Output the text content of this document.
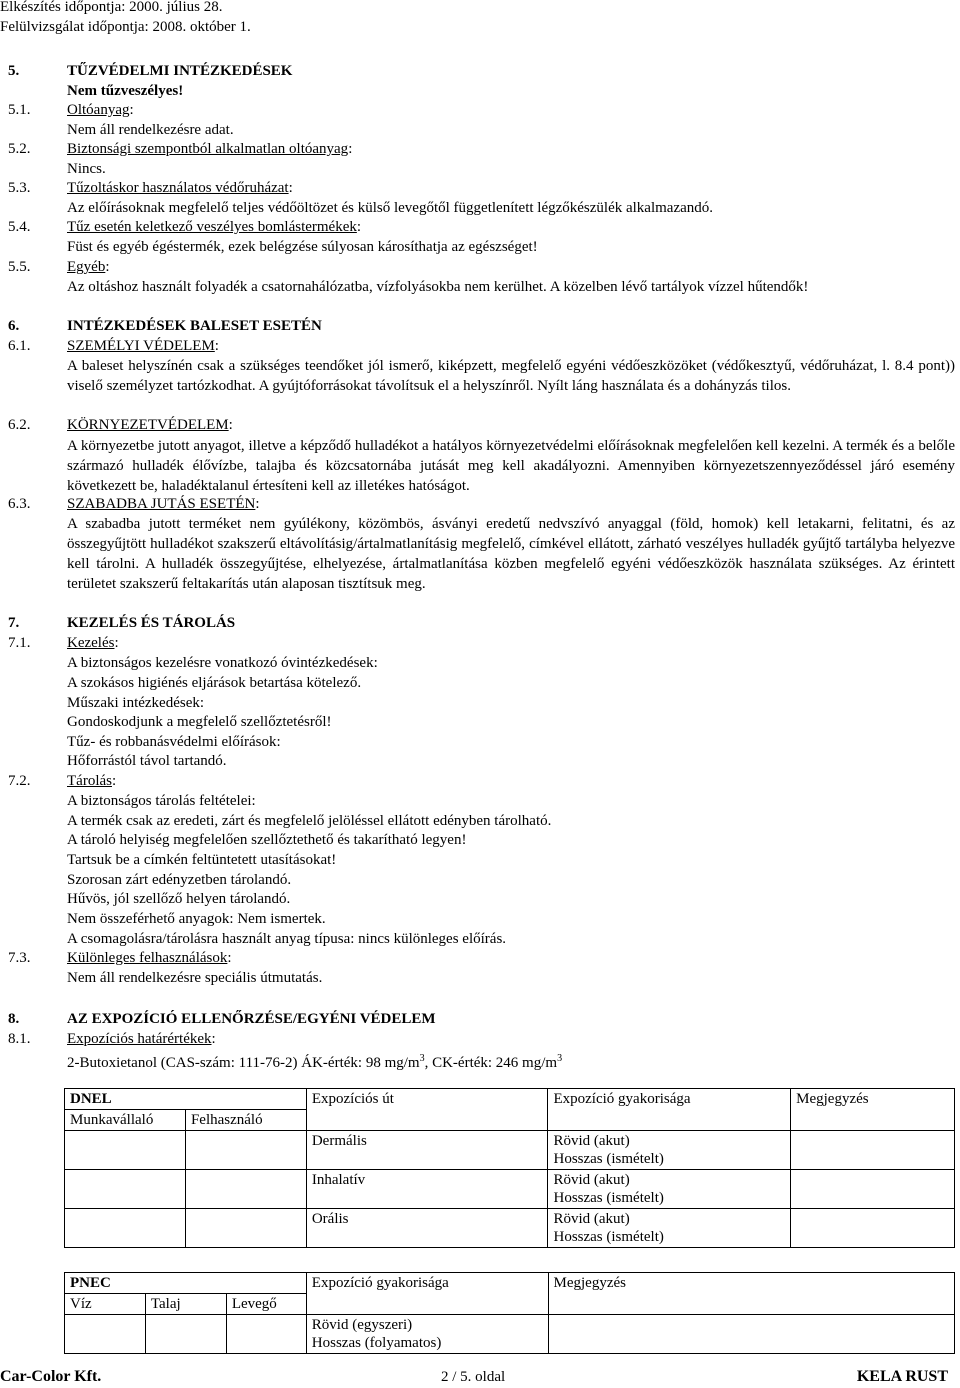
Elkészítés időpontja: 2000. július 28.
Felülvizsgálat időpontja: 2008. október 1.
5.	TŰZVÉDELMI INTÉZKEDÉSEK
Nem tűzveszélyes!
5.1. Oltóanyag:
Nem áll rendelkezésre adat.
5.2. Biztonsági szempontból alkalmatlan oltóanyag:
Nincs.
5.3. Tűzoltáskor használatos védőruházat:
Az előírásoknak megfelelő teljes védőöltözet és külső levegőtől függetlenített légzőkészülék alkalmazandó.
5.4. Tűz esetén keletkező veszélyes bomlástermékek:
Füst és egyéb égéstermék, ezek belégzése súlyosan károsíthatja az egészséget!
5.5. Egyéb:
Az oltáshoz használt folyadék a csatornahálózatba, vízfolyásokba nem kerülhet. A közelben lévő tartályok vízzel hűtendők!
6.	INTÉZKEDÉSEK BALESET ESETÉN
6.1. SZEMÉLYI VÉDELEM:
A baleset helyszínén csak a szükséges teendőket jól ismerő, kiképzett, megfelelő egyéni védőeszközöket (védőkesztyű, védőruházat, l. 8.4 pont)) viselő személyzet tartózkodhat. A gyújtóforrásokat távolítsuk el a helyszínről. Nyílt láng használata és a dohányzás tilos.
6.2. KÖRNYEZETVÉDELEM:
A környezetbe jutott anyagot, illetve a képződő hulladékot a hatályos környezetvédelmi előírásoknak megfelelően kell kezelni. A termék és a belőle származó hulladék élővízbe, talajba és közcsatornába jutását meg kell akadályozni. Amennyiben környezetszennyeződéssel járó esemény következett be, haladéktalanul értesíteni kell az illetékes hatóságot.
6.3. SZABADBA JUTÁS ESETÉN:
A szabadba jutott terméket nem gyúlékony, közömbös, ásványi eredetű nedvszívó anyaggal (föld, homok) kell letakarni, felitatni, és az összegyűjtött hulladékot szakszerű eltávolításig/ártalmatlanításig megfelelő, címkével ellátott, zárható veszélyes hulladék gyűjtő tartályba helyezve kell tárolni. A hulladék összegyűjtése, elhelyezése, ártalmatlanítása közben megfelelő egyéni védőeszközök használata szükséges. Az érintett területet szakszerű feltakarítás után alaposan tisztítsuk meg.
7.	KEZELÉS ÉS TÁROLÁS
7.1. Kezelés:
A biztonságos kezelésre vonatkozó óvintézkedések:
A szokásos higiénés eljárások betartása kötelező.
Műszaki intézkedések:
Gondoskodjunk a megfelelő szellőztetésről!
Tűz- és robbanásvédelmi előírások:
Hőforrástól távol tartandó.
7.2. Tárolás:
A biztonságos tárolás feltételei:
A termék csak az eredeti, zárt és megfelelő jelöléssel ellátott edényben tárolható.
A tároló helyiség megfelelően szellőztethető és takarítható legyen!
Tartsuk be a címkén feltüntetett utasításokat!
Szorosan zárt edényzetben tárolandó.
Hűvös, jól szellőző helyen tárolandó.
Nem összeférhető anyagok: Nem ismertek.
A csomagolásra/tárolásra használt anyag típusa: nincs különleges előírás.
7.3. Különleges felhasználások:
Nem áll rendelkezésre speciális útmutatás.
8.	AZ EXPOZÍCIÓ ELLENŐRZÉSE/EGYÉNI VÉDELEM
8.1. Expozíciós határértékek:
2-Butoxietanol (CAS-szám: 111-76-2) ÁK-érték: 98 $mg/m^3$, CK-érték: 246 $mg/m^3$
DNEL		Expozíciós út	Expozíció gyakorisága	Megjegyzés
Munkavállaló	Felhasználó			
		Dermális	Rövid (akut)
Hosszas (ismételt)	

		Inhalatív	Rövid (akut)
Hosszas (ismételt)	

		Orális	Rövid (akut)
Hosszas (ismételt)	

PNEC			Expozíció gyakorisága	Megjegyzés
Víz	Talaj	Levegő		

			Rövid (egyszeri)
Hosszas (folyamatos)	

Car-Color Kft.	2 / 5. oldal	KELA RUST
